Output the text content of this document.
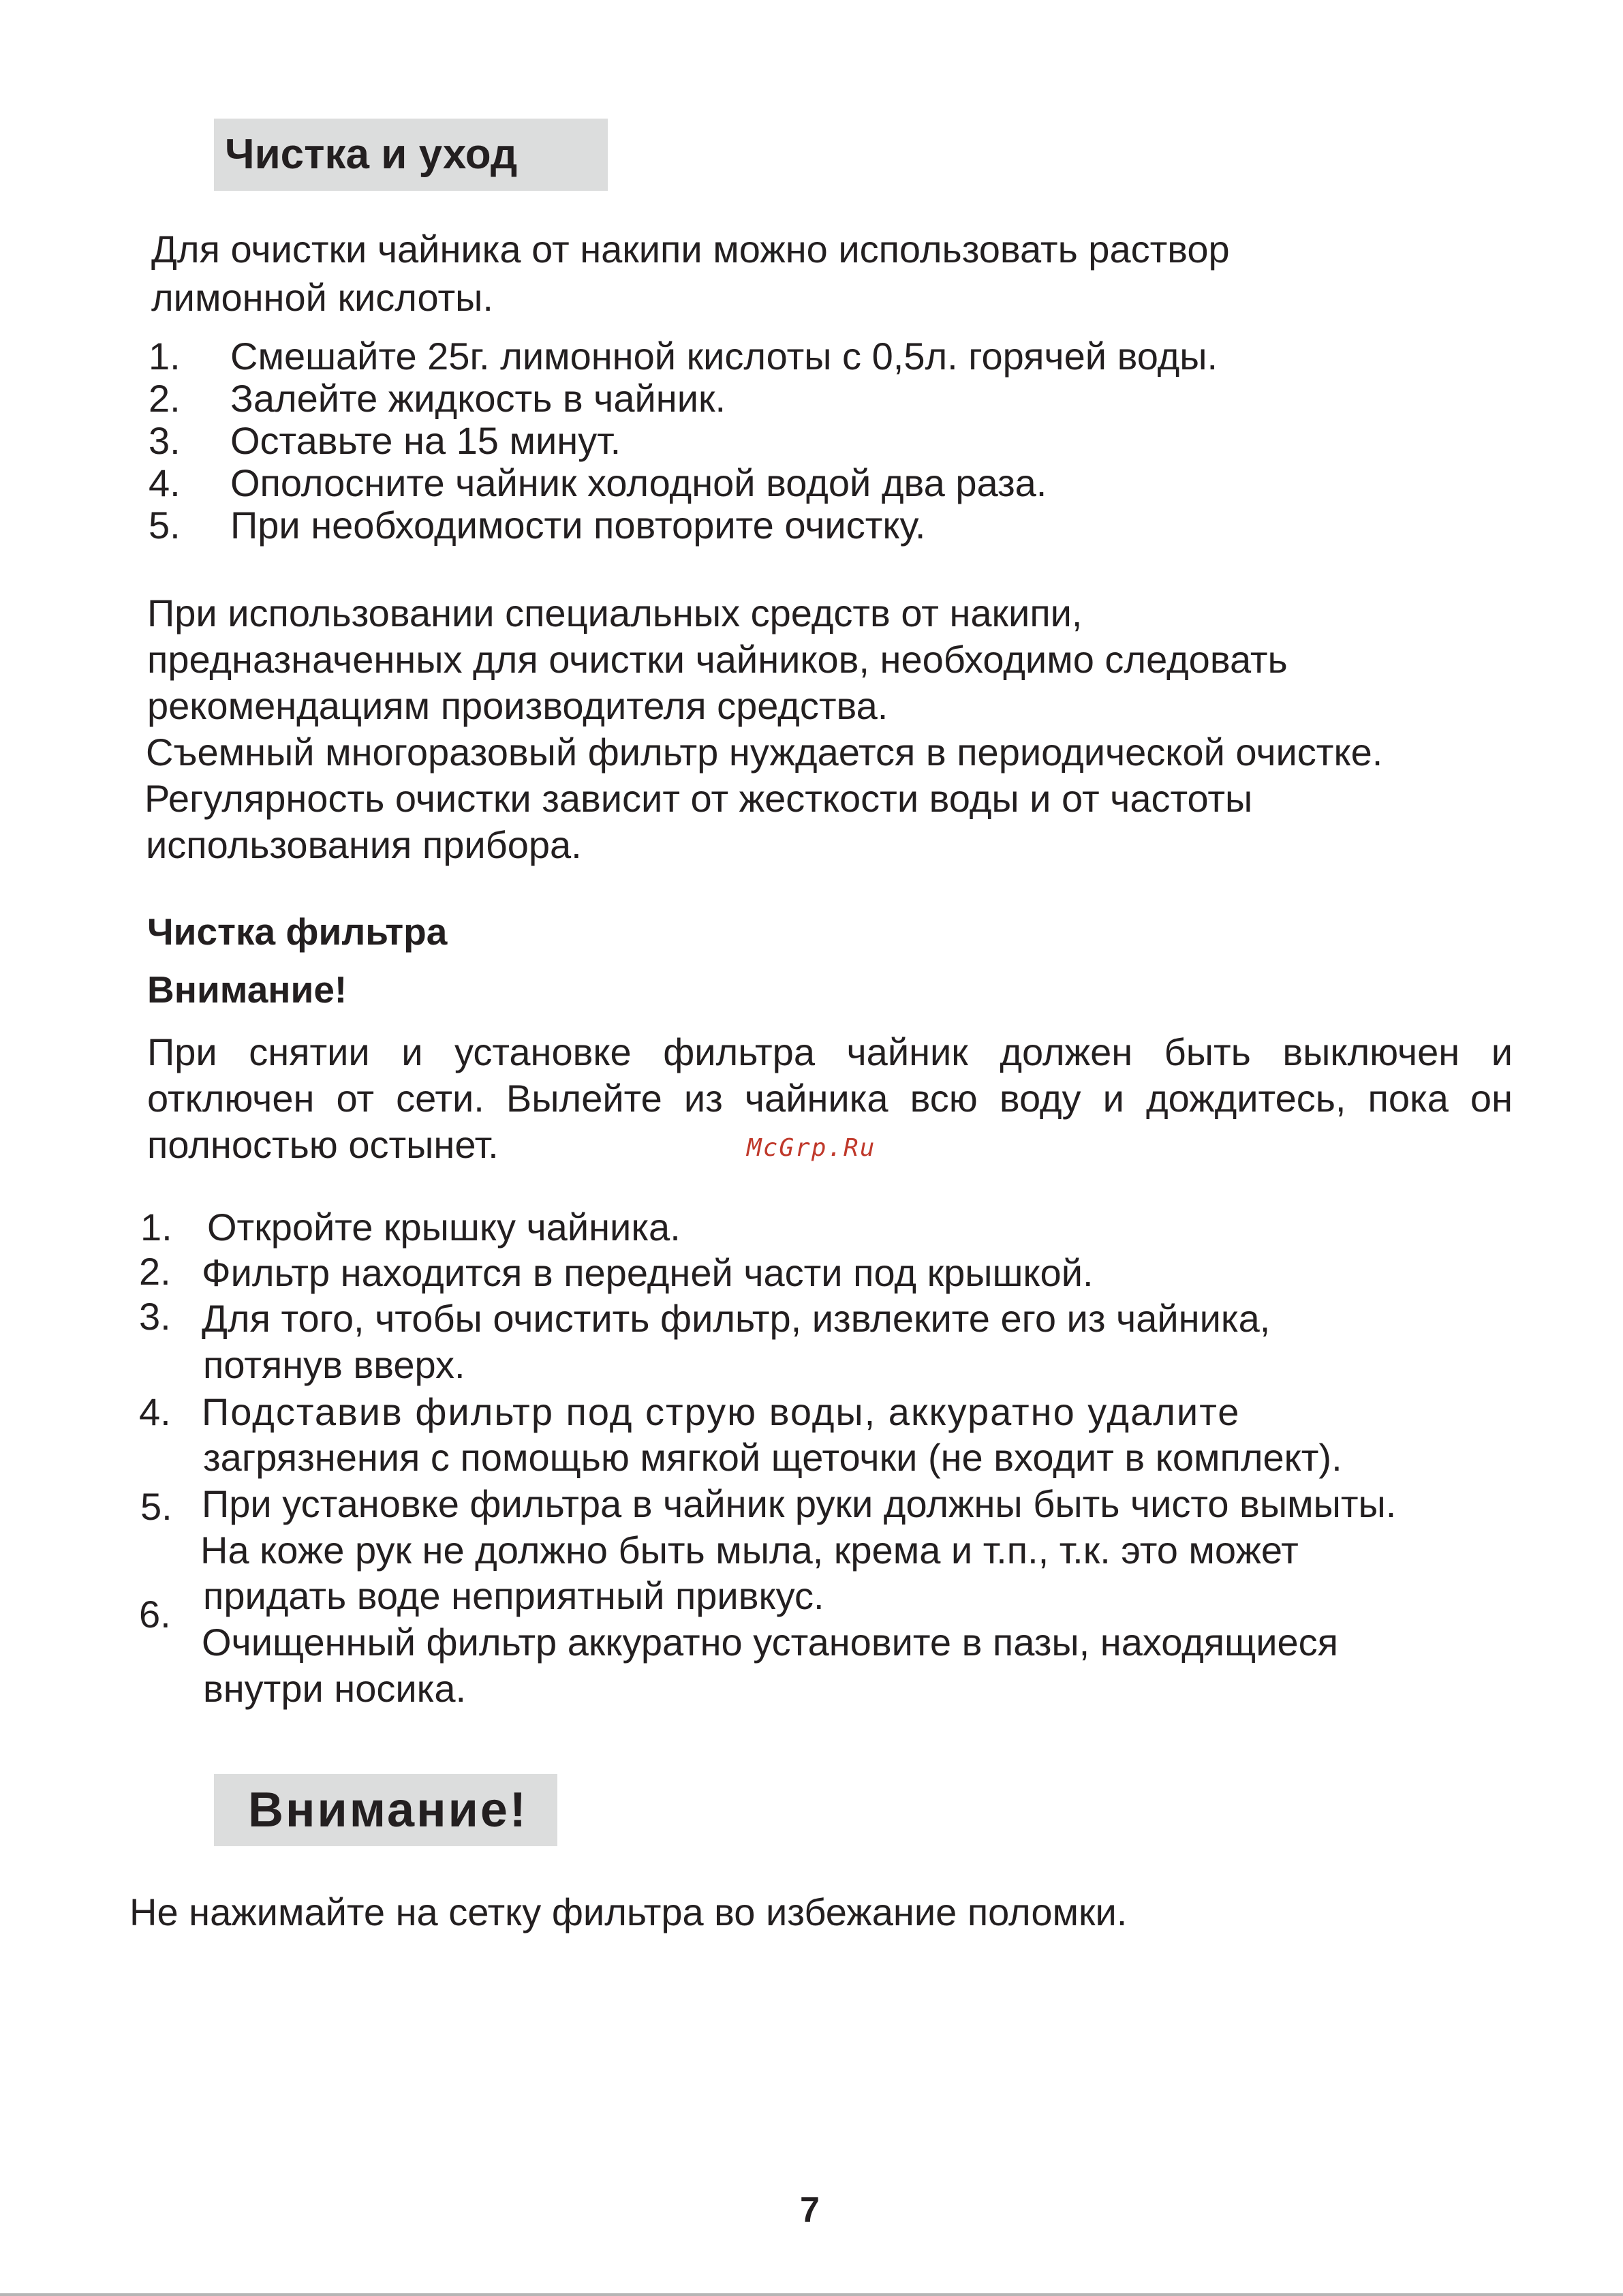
Чистка и уход
Для очистки чайника от накипи можно использовать раствор
лимонной кислоты.
1. Смешайте 25г. лимонной кислоты с 0,5л. горячей воды.
2. Залейте жидкость в чайник.
3. Оставьте на 15 минут.
4. Ополосните чайник холодной водой два раза.
5. При необходимости повторите очистку.
При использовании специальных средств от накипи,
предназначенных для очистки чайников, необходимо следовать
рекомендациям производителя средства.
Съемный многоразовый фильтр нуждается в периодической очистке.
Регулярность очистки зависит от жесткости воды и от частоты
использования прибора.
Чистка фильтра
Внимание!
При снятии и установке фильтра чайник должен быть выключен и
отключен от сети. Вылейте из чайника всю воду и дождитесь, пока он
полностью остынет.	McGrp.Ru
1.
2.
3.
4.
5.
6.
Откройте крышку чайника.
Фильтр находится в передней части под крышкой.
Для того, чтобы очистить фильтр, извлеките его из чайника,
потянув вверх.
Подставив фильтр под струю воды, аккуратно удалите
загрязнения с помощью мягкой щеточки (не входит в комплект).
При установке фильтра в чайник руки должны быть чисто вымыты.
На коже рук не должно быть мыла, крема и т.п., т.к. это может
придать воде неприятный привкус.
Очищенный фильтр аккуратно установите в пазы, находящиеся
внутри носика.
Внимание!
Не нажимайте на сетку фильтра во избежание поломки.
7
